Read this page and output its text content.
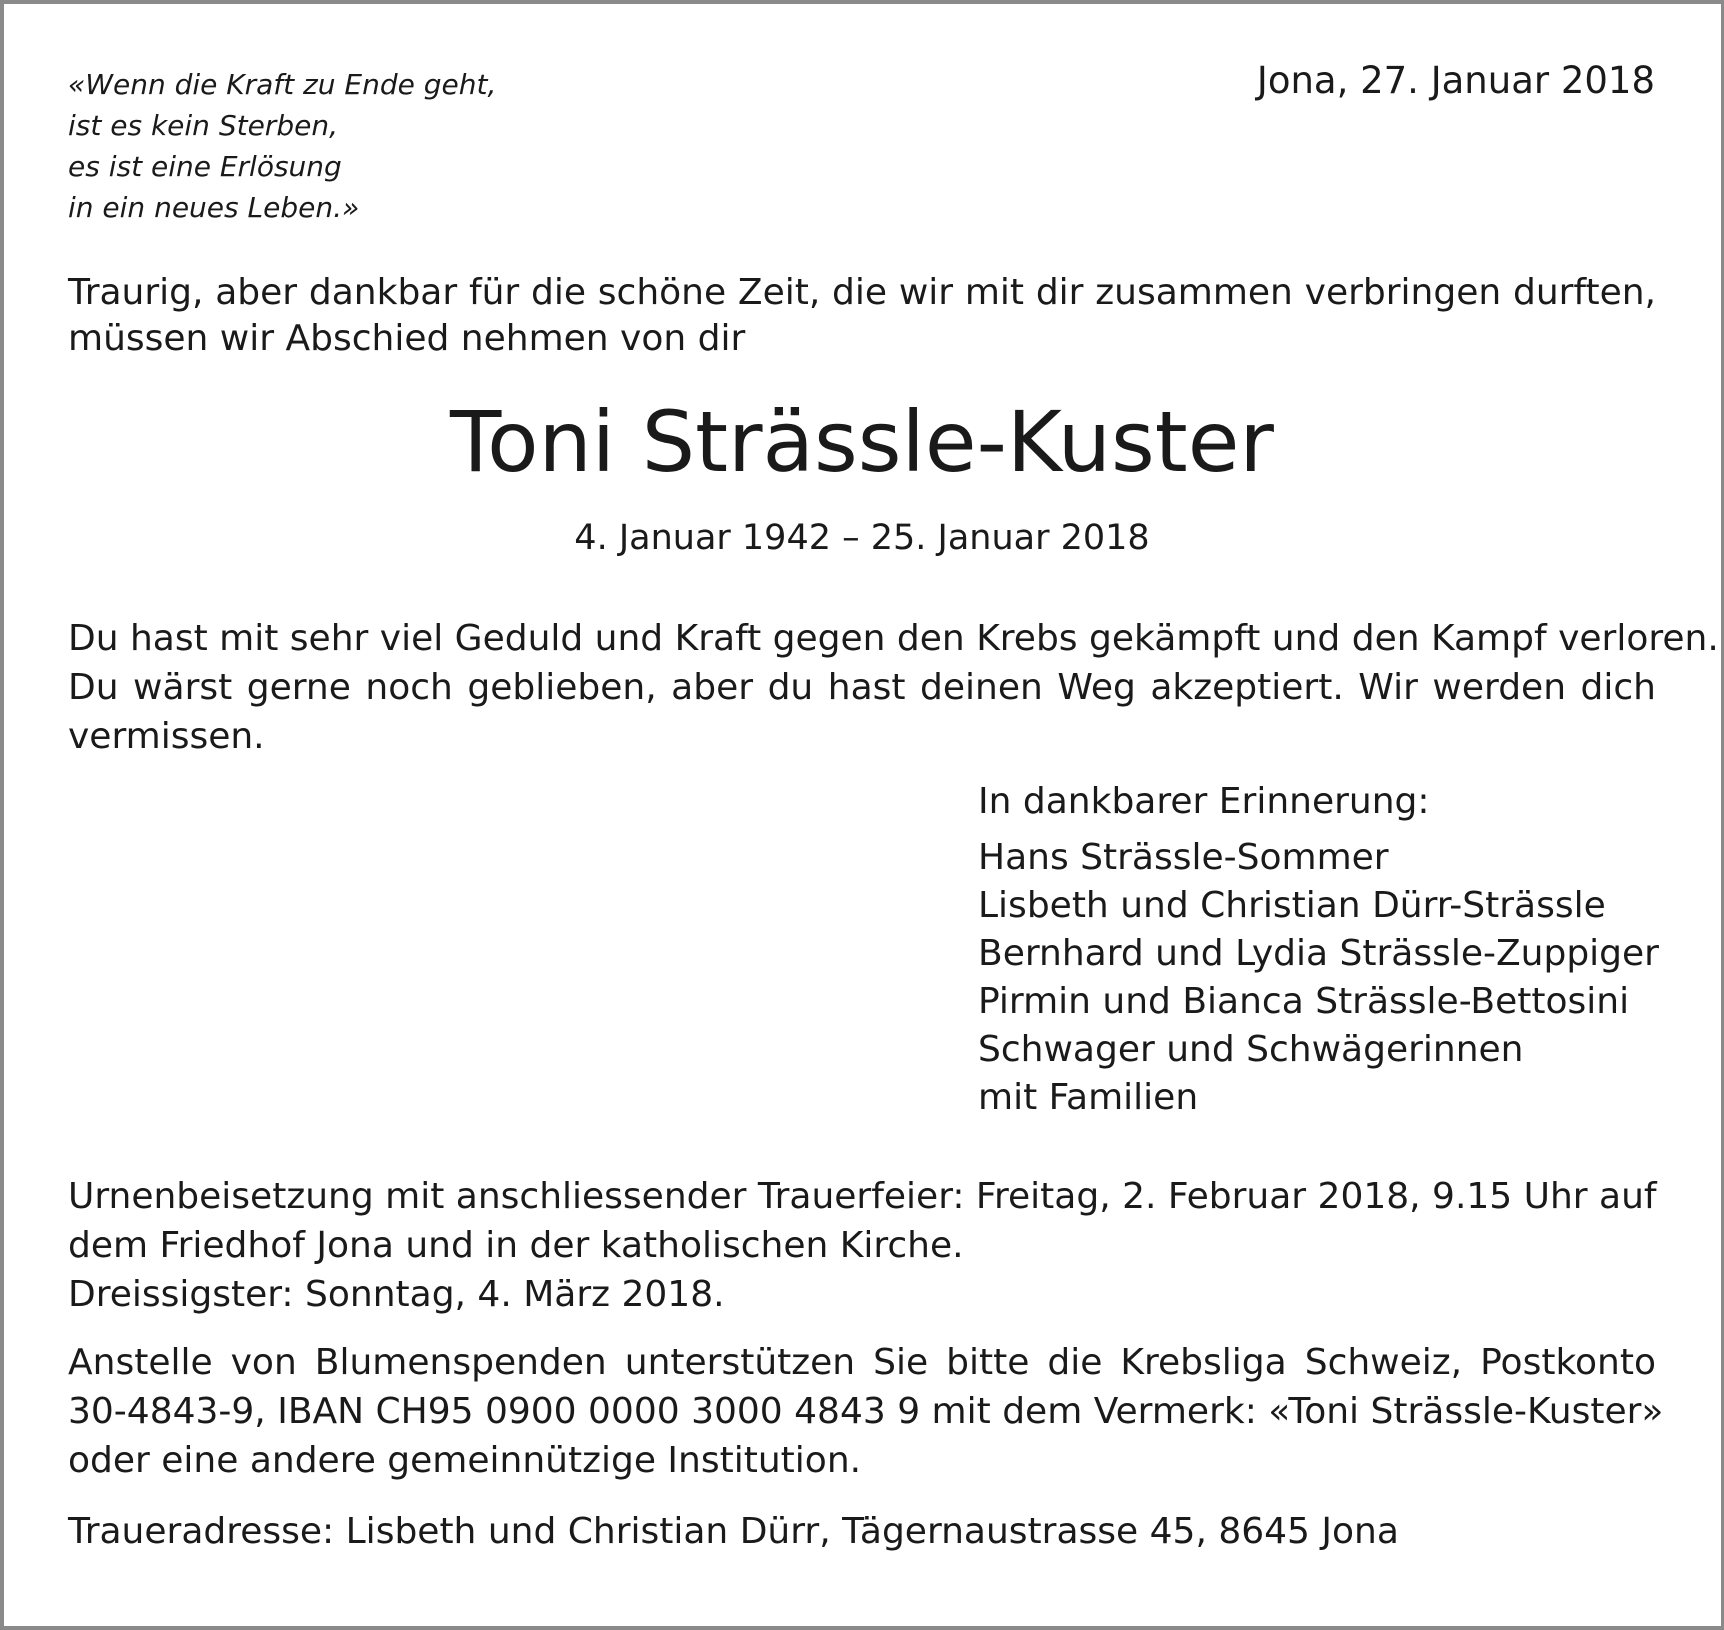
«Wenn die Kraft zu Ende geht,
ist es kein Sterben,
es ist eine Erlösung
in ein neues Leben.»
Jona, 27. Januar 2018
Traurig, aber dankbar für die schöne Zeit, die wir mit dir zusammen verbringen durften,
müssen wir Abschied nehmen von dir
Toni Strässle-Kuster
4. Januar 1942 – 25. Januar 2018
Du hast mit sehr viel Geduld und Kraft gegen den Krebs gekämpft und den Kampf verloren.
Du wärst gerne noch geblieben, aber du hast deinen Weg akzeptiert. Wir werden dich
vermissen.
In dankbarer Erinnerung:
Hans Strässle-Sommer
Lisbeth und Christian Dürr-Strässle
Bernhard und Lydia Strässle-Zuppiger
Pirmin und Bianca Strässle-Bettosini
Schwager und Schwägerinnen
mit Familien
Urnenbeisetzung mit anschliessender Trauerfeier: Freitag, 2. Februar 2018, 9.15 Uhr auf
dem Friedhof Jona und in der katholischen Kirche.
Dreissigster: Sonntag, 4. März 2018.
Anstelle von Blumenspenden unterstützen Sie bitte die Krebsliga Schweiz, Postkonto
30-4843-9, IBAN CH95 0900 0000 3000 4843 9 mit dem Vermerk: «Toni Strässle-Kuster»
oder eine andere gemeinnützige Institution.
Traueradresse: Lisbeth und Christian Dürr, Tägernaustrasse 45, 8645 Jona
